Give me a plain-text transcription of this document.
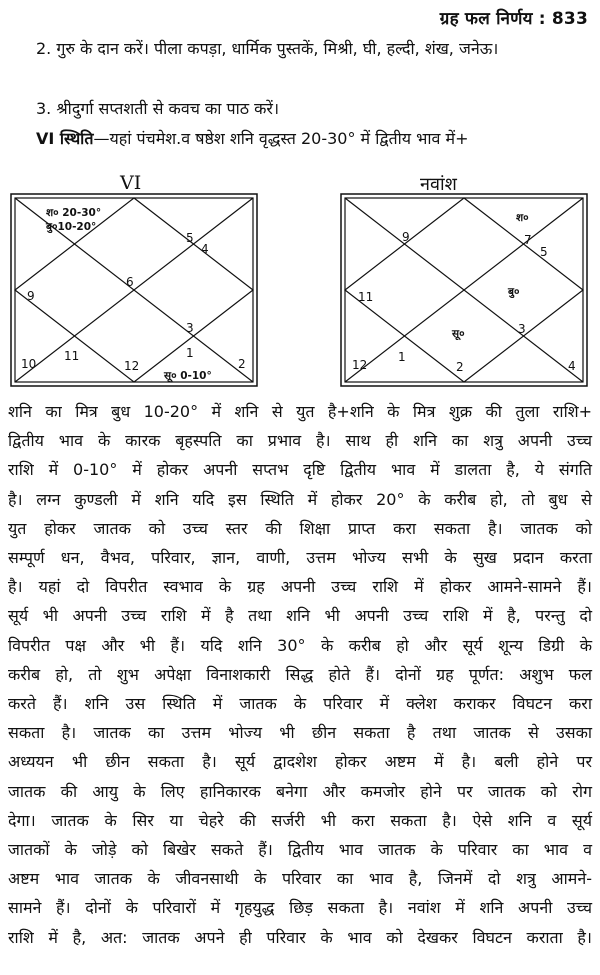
ग्रह फल निर्णय : 833

2. गुरु के दान करें। पीला कपड़ा, धार्मिक पुस्तकें, मिश्री, घी, हल्दी, शंख, जनेऊ।

3. श्रीदुर्गा सप्तशती से कवच का पाठ करें।

VI स्थिति—यहां पंचमेश.व षष्ठेश शनि वृद्धस्त 20-30° में द्वितीय भाव में+

VI	नवांश
6
5
4
9
3
10
11
12
1
2
श० 20-30°
बु०10-20°
सू० 0-10°
9	7
5
11
3
12
1
2	4
श०
बु०
सू०
शनि का मित्र बुध 10-20° में शनि से युत है+शनि के मित्र शुक्र की तुला राशि+
द्वितीय भाव के कारक बृहस्पति का प्रभाव है। साथ ही शनि का शत्रु अपनी उच्च
राशि में 0-10° में होकर अपनी सप्तभ दृष्टि द्वितीय भाव में डालता है, ये संगति
है। लग्न कुण्डली में शनि यदि इस स्थिति में होकर 20° के करीब हो, तो बुध से
युत होकर जातक को उच्च स्तर की शिक्षा प्राप्त करा सकता है। जातक को
सम्पूर्ण धन, वैभव, परिवार, ज्ञान, वाणी, उत्तम भोज्य सभी के सुख प्रदान करता
है। यहां दो विपरीत स्वभाव के ग्रह अपनी उच्च राशि में होकर आमने-सामने हैं।
सूर्य भी अपनी उच्च राशि में है तथा शनि भी अपनी उच्च राशि में है, परन्तु दो
विपरीत पक्ष और भी हैं। यदि शनि 30° के करीब हो और सूर्य शून्य डिग्री के
करीब हो, तो शुभ अपेक्षा विनाशकारी सिद्ध होते हैं। दोनों ग्रह पूर्णत: अशुभ फल
करते हैं। शनि उस स्थिति में जातक के परिवार में क्लेश कराकर विघटन करा
सकता है। जातक का उत्तम भोज्य भी छीन सकता है तथा जातक से उसका
अध्ययन भी छीन सकता है। सूर्य द्वादशेश होकर अष्टम में है। बली होने पर
जातक की आयु के लिए हानिकारक बनेगा और कमजोर होने पर जातक को रोग
देगा। जातक के सिर या चेहरे की सर्जरी भी करा सकता है। ऐसे शनि व सूर्य
जातकों के जोड़े को बिखेर सकते हैं। द्वितीय भाव जातक के परिवार का भाव व
अष्टम भाव जातक के जीवनसाथी के परिवार का भाव है, जिनमें दो शत्रु आमने-
सामने हैं। दोनों के परिवारों में गृहयुद्ध छिड़ सकता है। नवांश में शनि अपनी उच्च
राशि में है, अत: जातक अपने ही परिवार के भाव को देखकर विघटन कराता है।
